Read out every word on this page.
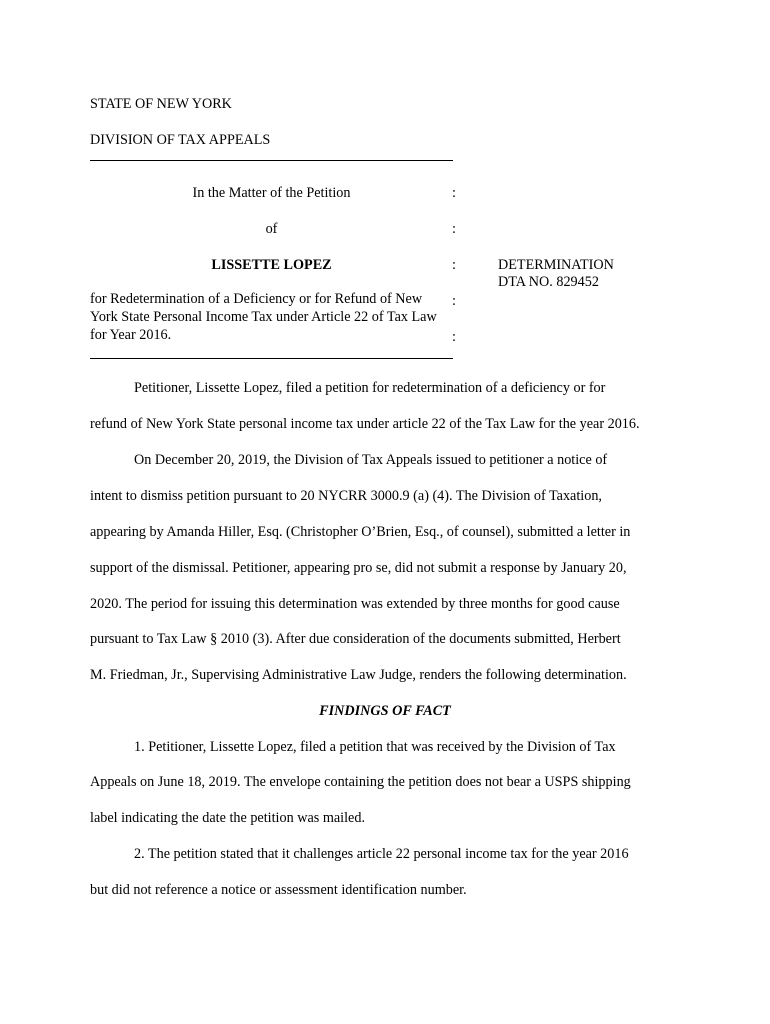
STATE OF NEW YORK
DIVISION OF TAX APPEALS
In the Matter of the Petition	:
of	:
LISSETTE LOPEZ	:	DETERMINATION
DTA NO. 829452
for Redetermination of a Deficiency or for Refund of New York State Personal Income Tax under Article 22 of Tax Law for Year 2016.
:
:
Petitioner, Lissette Lopez, filed a petition for redetermination of a deficiency or for
refund of New York State personal income tax under article 22 of the Tax Law for the year 2016.
On December 20, 2019, the Division of Tax Appeals issued to petitioner a notice of
intent to dismiss petition pursuant to 20 NYCRR 3000.9 (a) (4). The Division of Taxation,
appearing by Amanda Hiller, Esq. (Christopher O’Brien, Esq., of counsel), submitted a letter in
support of the dismissal. Petitioner, appearing pro se, did not submit a response by January 20,
2020. The period for issuing this determination was extended by three months for good cause
pursuant to Tax Law § 2010 (3). After due consideration of the documents submitted, Herbert
M. Friedman, Jr., Supervising Administrative Law Judge, renders the following determination.
FINDINGS OF FACT
1. Petitioner, Lissette Lopez, filed a petition that was received by the Division of Tax
Appeals on June 18, 2019. The envelope containing the petition does not bear a USPS shipping
label indicating the date the petition was mailed.
2. The petition stated that it challenges article 22 personal income tax for the year 2016
but did not reference a notice or assessment identification number.
